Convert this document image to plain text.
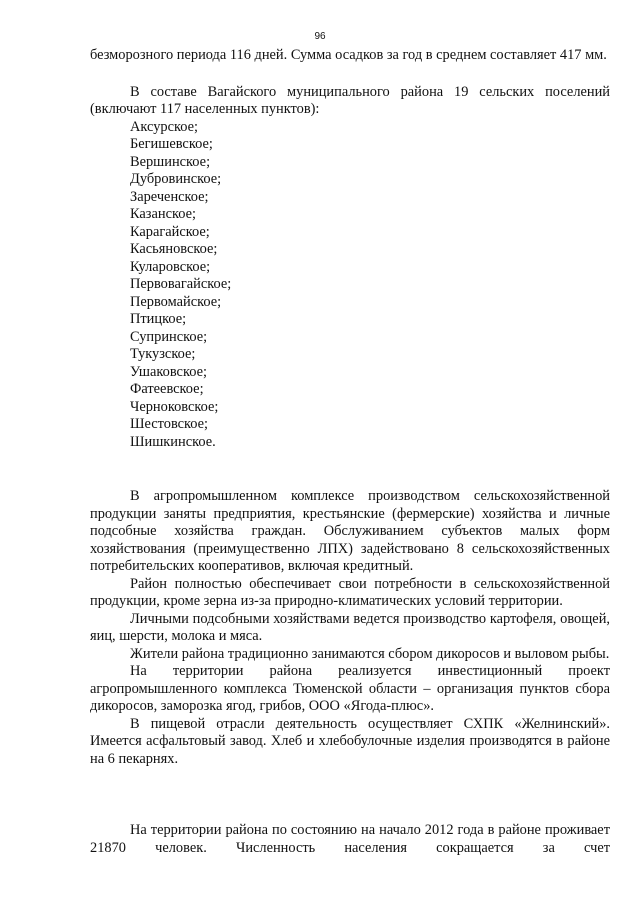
96

безморозного периода 116 дней. Сумма осадков за год в среднем составляет 417 мм.

В составе Вагайского муниципального района 19 сельских поселений (включают 117 населенных пунктов):

Аксурское;
Бегишевское;
Вершинское;
Дубровинское;
Зареченское;
Казанское;
Карагайское;
Касьяновское;
Куларовское;
Первовагайское;
Первомайское;
Птицкое;
Супринское;
Тукузское;
Ушаковское;
Фатеевское;
Черноковское;
Шестовское;
Шишкинское.

В агропромышленном комплексе производством сельскохозяйственной продукции заняты предприятия, крестьянские (фермерские) хозяйства и личные подсобные хозяйства граждан. Обслуживанием субъектов малых форм хозяйствования (преимущественно ЛПХ) задействовано 8 сельскохозяйственных потребительских кооперативов, включая кредитный.

Район полностью обеспечивает свои потребности в сельскохозяйственной продукции, кроме зерна из-за природно-климатических условий территории.

Личными подсобными хозяйствами ведется производство картофеля, овощей, яиц, шерсти, молока и мяса.

Жители района традиционно занимаются сбором дикоросов и выловом рыбы.

На территории района реализуется инвестиционный проект агропромышленного комплекса Тюменской области – организация пунктов сбора дикоросов, заморозка ягод, грибов, ООО «Ягода-плюс».

В пищевой отрасли деятельность осуществляет СХПК «Желнинский». Имеется асфальтовый завод. Хлеб и хлебобулочные изделия производятся в районе на 6 пекарнях.

На территории района по состоянию на начало 2012 года в районе проживает 21870 человек. Численность населения сокращается за счет
